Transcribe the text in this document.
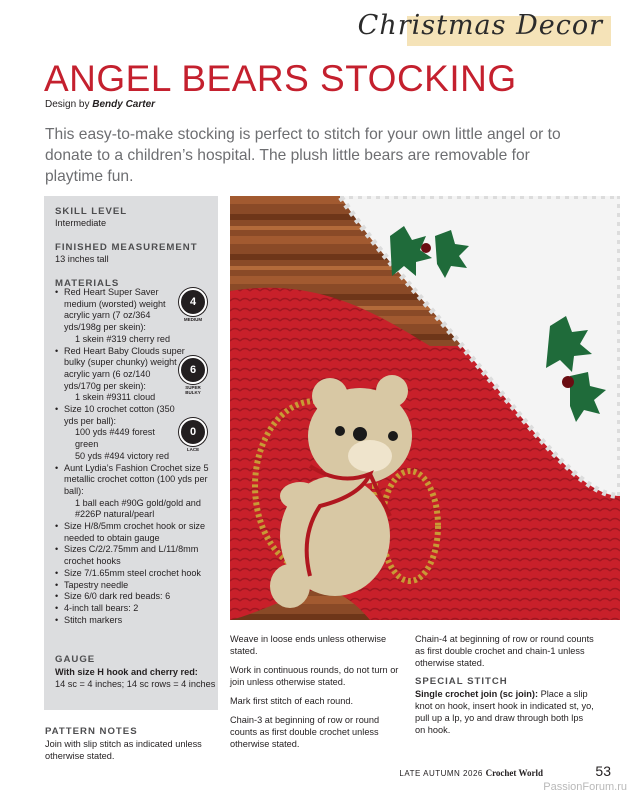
Christmas Decor
ANGEL BEARS STOCKING
Design by Bendy Carter
This easy-to-make stocking is perfect to stitch for your own little angel or to donate to a children’s hospital. The plush little bears are removable for playtime fun.
SKILL LEVEL
Intermediate
FINISHED MEASUREMENT
13 inches tall
MATERIALS
• Red Heart Super Saver medium (worsted) weight acrylic yarn (7 oz/364 yds/198g per skein):
1 skein #319 cherry red
• Red Heart Baby Clouds super bulky (super chunky) weight acrylic yarn (6 oz/140 yds/170g per skein):
1 skein #9311 cloud
• Size 10 crochet cotton (350 yds per ball):
100 yds #449 forest green
50 yds #494 victory red
• Aunt Lydia’s Fashion Crochet size 5 metallic crochet cotton (100 yds per ball):
1 ball each #90G gold/gold and #226P natural/pearl
• Size H/8/5mm crochet hook or size needed to obtain gauge
• Sizes C/2/2.75mm and L/11/8mm crochet hooks
• Size 7/1.65mm steel crochet hook
• Tapestry needle
• Size 6/0 dark red beads: 6
• 4-inch tall bears: 2
• Stitch markers
4
MEDIUM
6
SUPER BULKY
0
LACE
GAUGE
With size H hook and cherry red:
14 sc = 4 inches; 14 sc rows = 4 inches
PATTERN NOTES
Join with slip stitch as indicated unless otherwise stated.

Weave in loose ends unless otherwise stated.

Work in continuous rounds, do not turn or join unless otherwise stated.

Mark first stitch of each round.

Chain-3 at beginning of row or round counts as first double crochet unless otherwise stated.

Chain-4 at beginning of row or round counts as first double crochet and chain-1 unless otherwise stated.

SPECIAL STITCH
Single crochet join (sc join): Place a slip knot on hook, insert hook in indicated st, yo, pull up a lp, yo and draw through both lps on hook.
LATE AUTUMN 2026 Crochet World	53
PassionForum.ru
